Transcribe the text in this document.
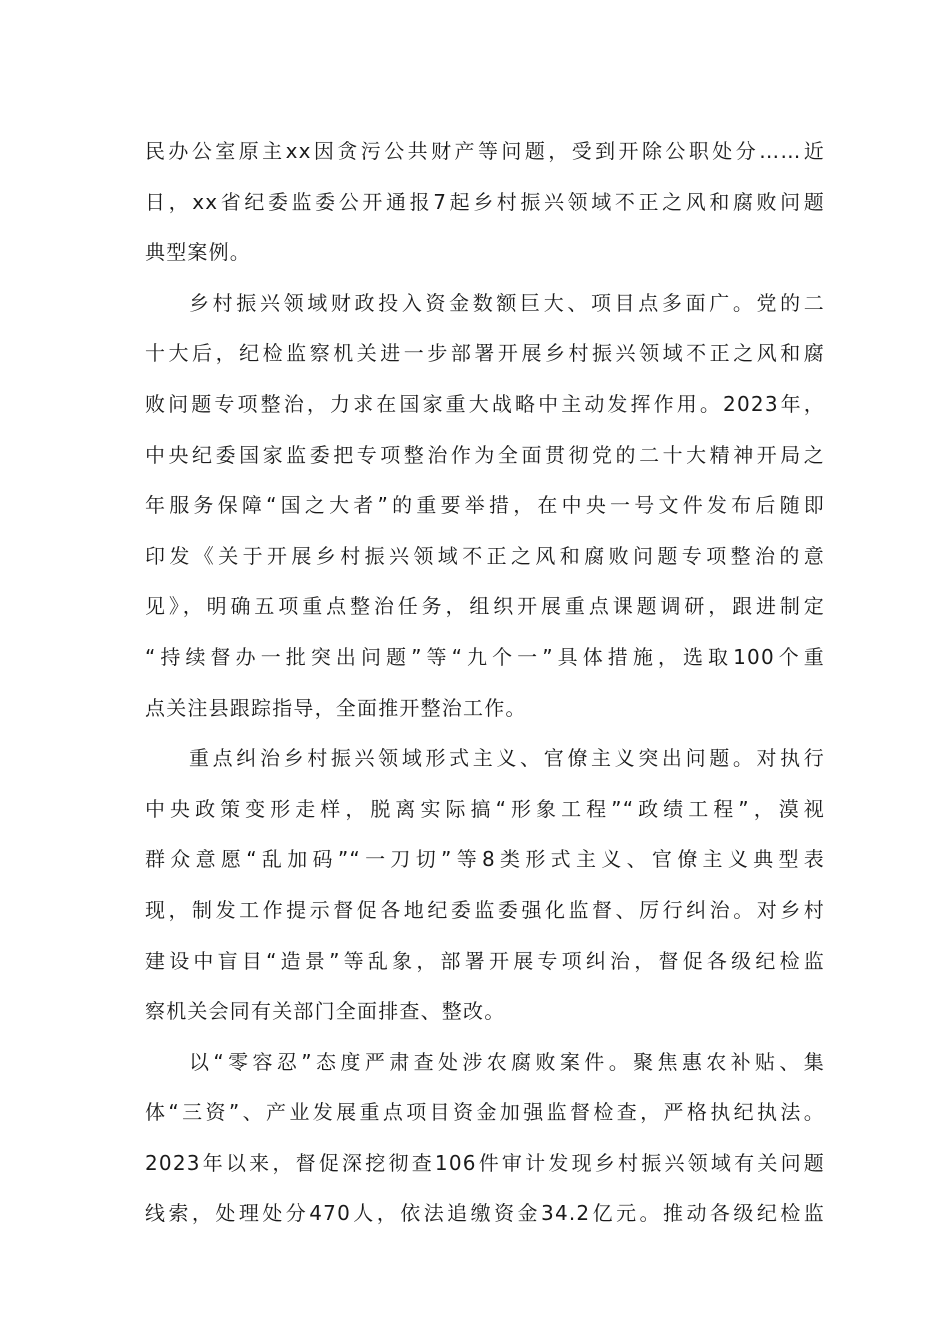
民办公室原主xx因贪污公共财产等问题，受到开除公职处分……近
日，xx省纪委监委公开通报7起乡村振兴领域不正之风和腐败问题
典型案例。
乡村振兴领域财政投入资金数额巨大、项目点多面广。党的二
十大后，纪检监察机关进一步部署开展乡村振兴领域不正之风和腐
败问题专项整治，力求在国家重大战略中主动发挥作用。2023年，
中央纪委国家监委把专项整治作为全面贯彻党的二十大精神开局之
年服务保障“国之大者”的重要举措，在中央一号文件发布后随即
印发《关于开展乡村振兴领域不正之风和腐败问题专项整治的意
见》，明确五项重点整治任务，组织开展重点课题调研，跟进制定
“持续督办一批突出问题”等“九个一”具体措施，选取100个重
点关注县跟踪指导，全面推开整治工作。
重点纠治乡村振兴领域形式主义、官僚主义突出问题。对执行
中央政策变形走样，脱离实际搞“形象工程”“政绩工程”，漠视
群众意愿“乱加码”“一刀切”等8类形式主义、官僚主义典型表
现，制发工作提示督促各地纪委监委强化监督、厉行纠治。对乡村
建设中盲目“造景”等乱象，部署开展专项纠治，督促各级纪检监
察机关会同有关部门全面排查、整改。
以“零容忍”态度严肃查处涉农腐败案件。聚焦惠农补贴、集
体“三资”、产业发展重点项目资金加强监督检查，严格执纪执法。
2023年以来，督促深挖彻查106件审计发现乡村振兴领域有关问题
线索，处理处分470人，依法追缴资金34.2亿元。推动各级纪检监
